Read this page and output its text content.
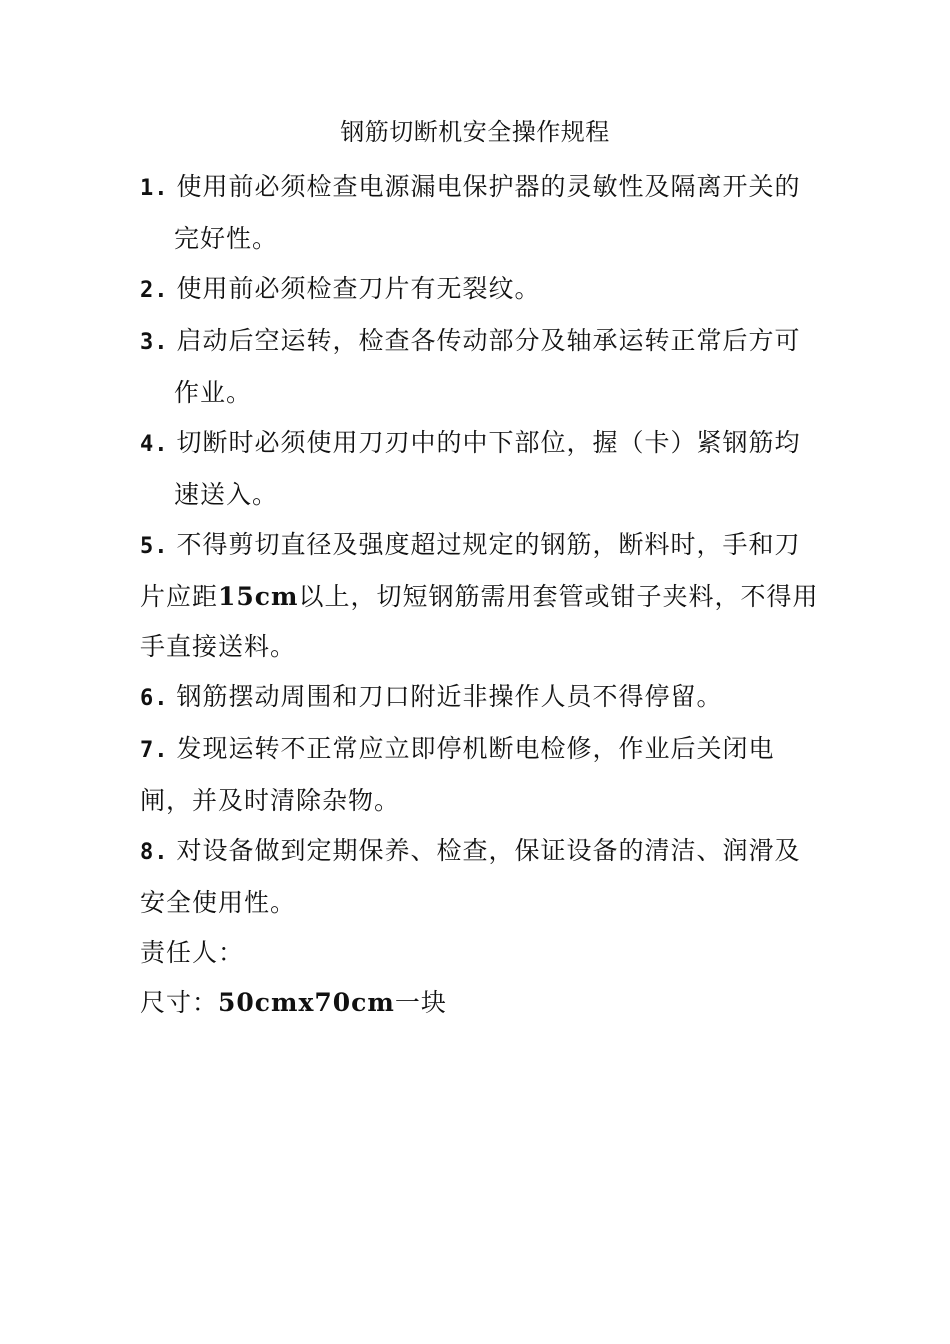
钢筋切断机安全操作规程
1. 使用前必须检查电源漏电保护器的灵敏性及隔离开关的完好性。
2. 使用前必须检查刀片有无裂纹。
3. 启动后空运转，检查各传动部分及轴承运转正常后方可作业。
4. 切断时必须使用刀刃中的中下部位，握（卡）紧钢筋均速送入。
5. 不得剪切直径及强度超过规定的钢筋，断料时，手和刀片应距15cm以上，切短钢筋需用套管或钳子夹料，不得用手直接送料。
6. 钢筋摆动周围和刀口附近非操作人员不得停留。
7. 发现运转不正常应立即停机断电检修，作业后关闭电闸，并及时清除杂物。
8. 对设备做到定期保养、检查，保证设备的清洁、润滑及安全使用性。
责任人：
尺寸：50cmx70cm一块
